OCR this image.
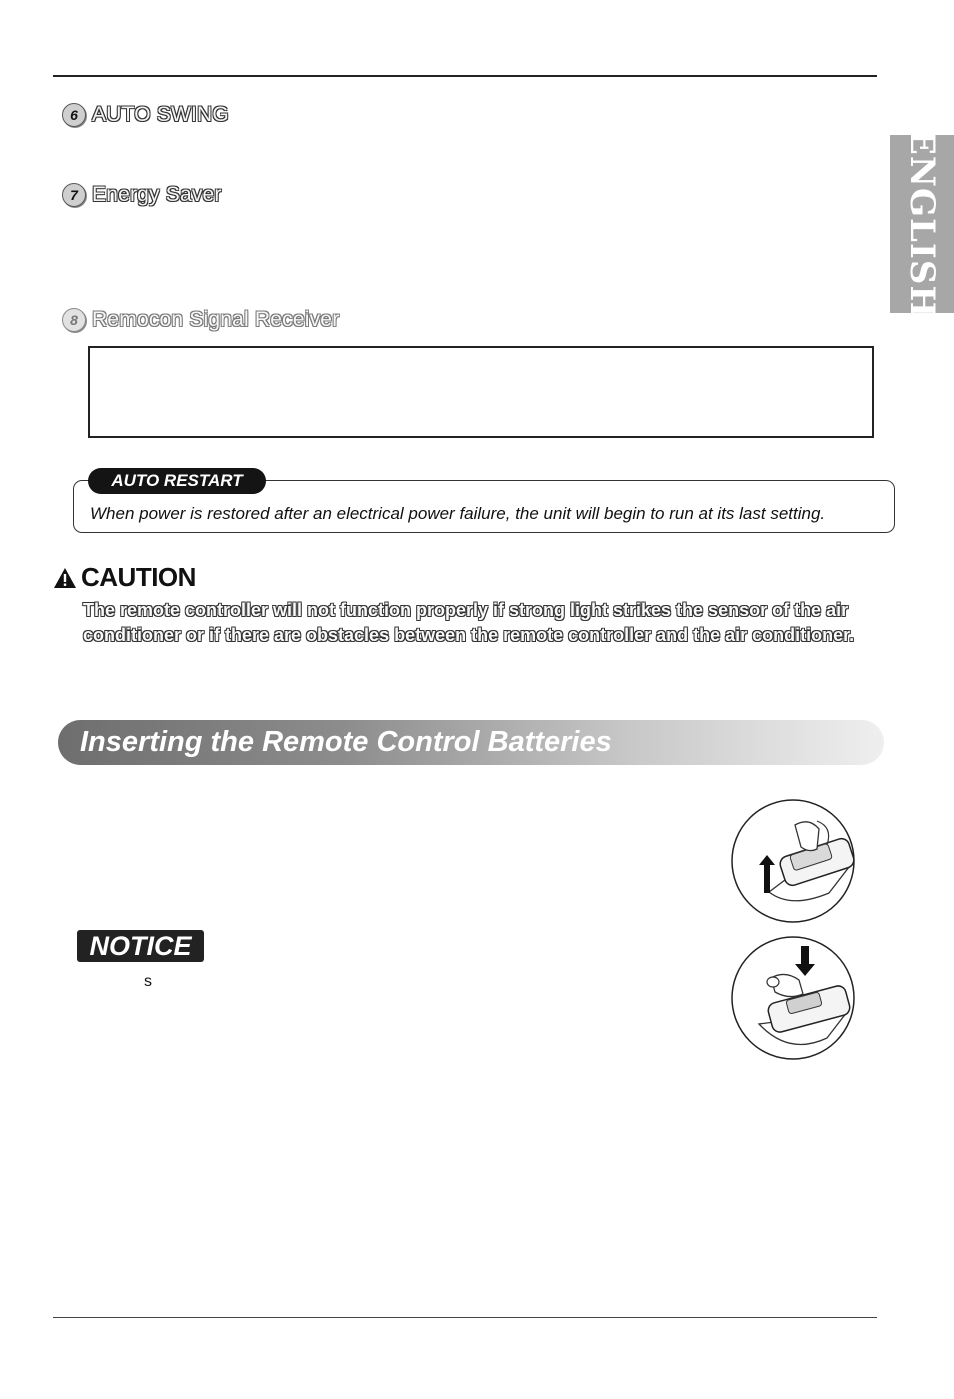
ENGLISH
6 AUTO SWING
7 Energy Saver
8 Remocon Signal Receiver
AUTO RESTART
When power is restored after an electrical power failure, the unit will begin to run at its last setting.
CAUTION
The remote controller will not function properly if strong light strikes the sensor of the air
conditioner or if there are obstacles between the remote controller and the air conditioner.
Inserting the Remote Control Batteries
NOTICE
s
